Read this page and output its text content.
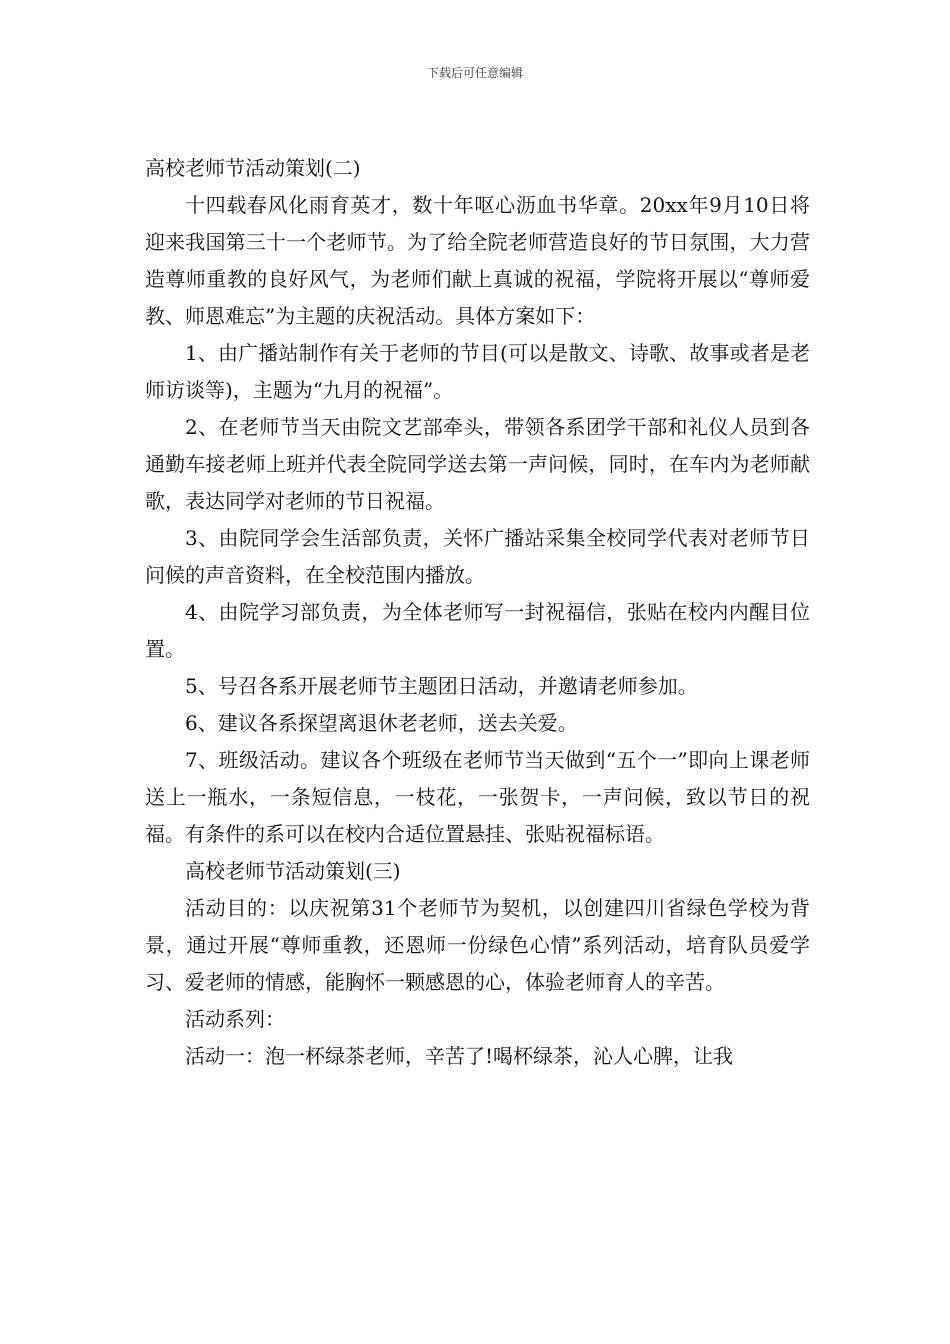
下载后可任意编辑

高校老师节活动策划(二)

十四载春风化雨育英才，数十年呕心沥血书华章。20xx年9月10日将迎来我国第三十一个老师节。为了给全院老师营造良好的节日氛围，大力营造尊师重教的良好风气，为老师们献上真诚的祝福，学院将开展以“尊师爱教、师恩难忘”为主题的庆祝活动。具体方案如下：

1、由广播站制作有关于老师的节目(可以是散文、诗歌、故事或者是老师访谈等)，主题为“九月的祝福”。

2、在老师节当天由院文艺部牵头，带领各系团学干部和礼仪人员到各通勤车接老师上班并代表全院同学送去第一声问候，同时，在车内为老师献歌，表达同学对老师的节日祝福。

3、由院同学会生活部负责，关怀广播站采集全校同学代表对老师节日问候的声音资料，在全校范围内播放。

4、由院学习部负责，为全体老师写一封祝福信，张贴在校内内醒目位置。

5、号召各系开展老师节主题团日活动，并邀请老师参加。

6、建议各系探望离退休老老师，送去关爱。

7、班级活动。建议各个班级在老师节当天做到“五个一”即向上课老师送上一瓶水，一条短信息，一枝花，一张贺卡，一声问候，致以节日的祝福。有条件的系可以在校内合适位置悬挂、张贴祝福标语。

高校老师节活动策划(三)

活动目的：以庆祝第31个老师节为契机，以创建四川省绿色学校为背景，通过开展“尊师重教，还恩师一份绿色心情”系列活动，培育队员爱学习、爱老师的情感，能胸怀一颗感恩的心，体验老师育人的辛苦。

活动系列：

活动一：泡一杯绿茶老师，辛苦了!喝杯绿茶，沁人心脾，让我
